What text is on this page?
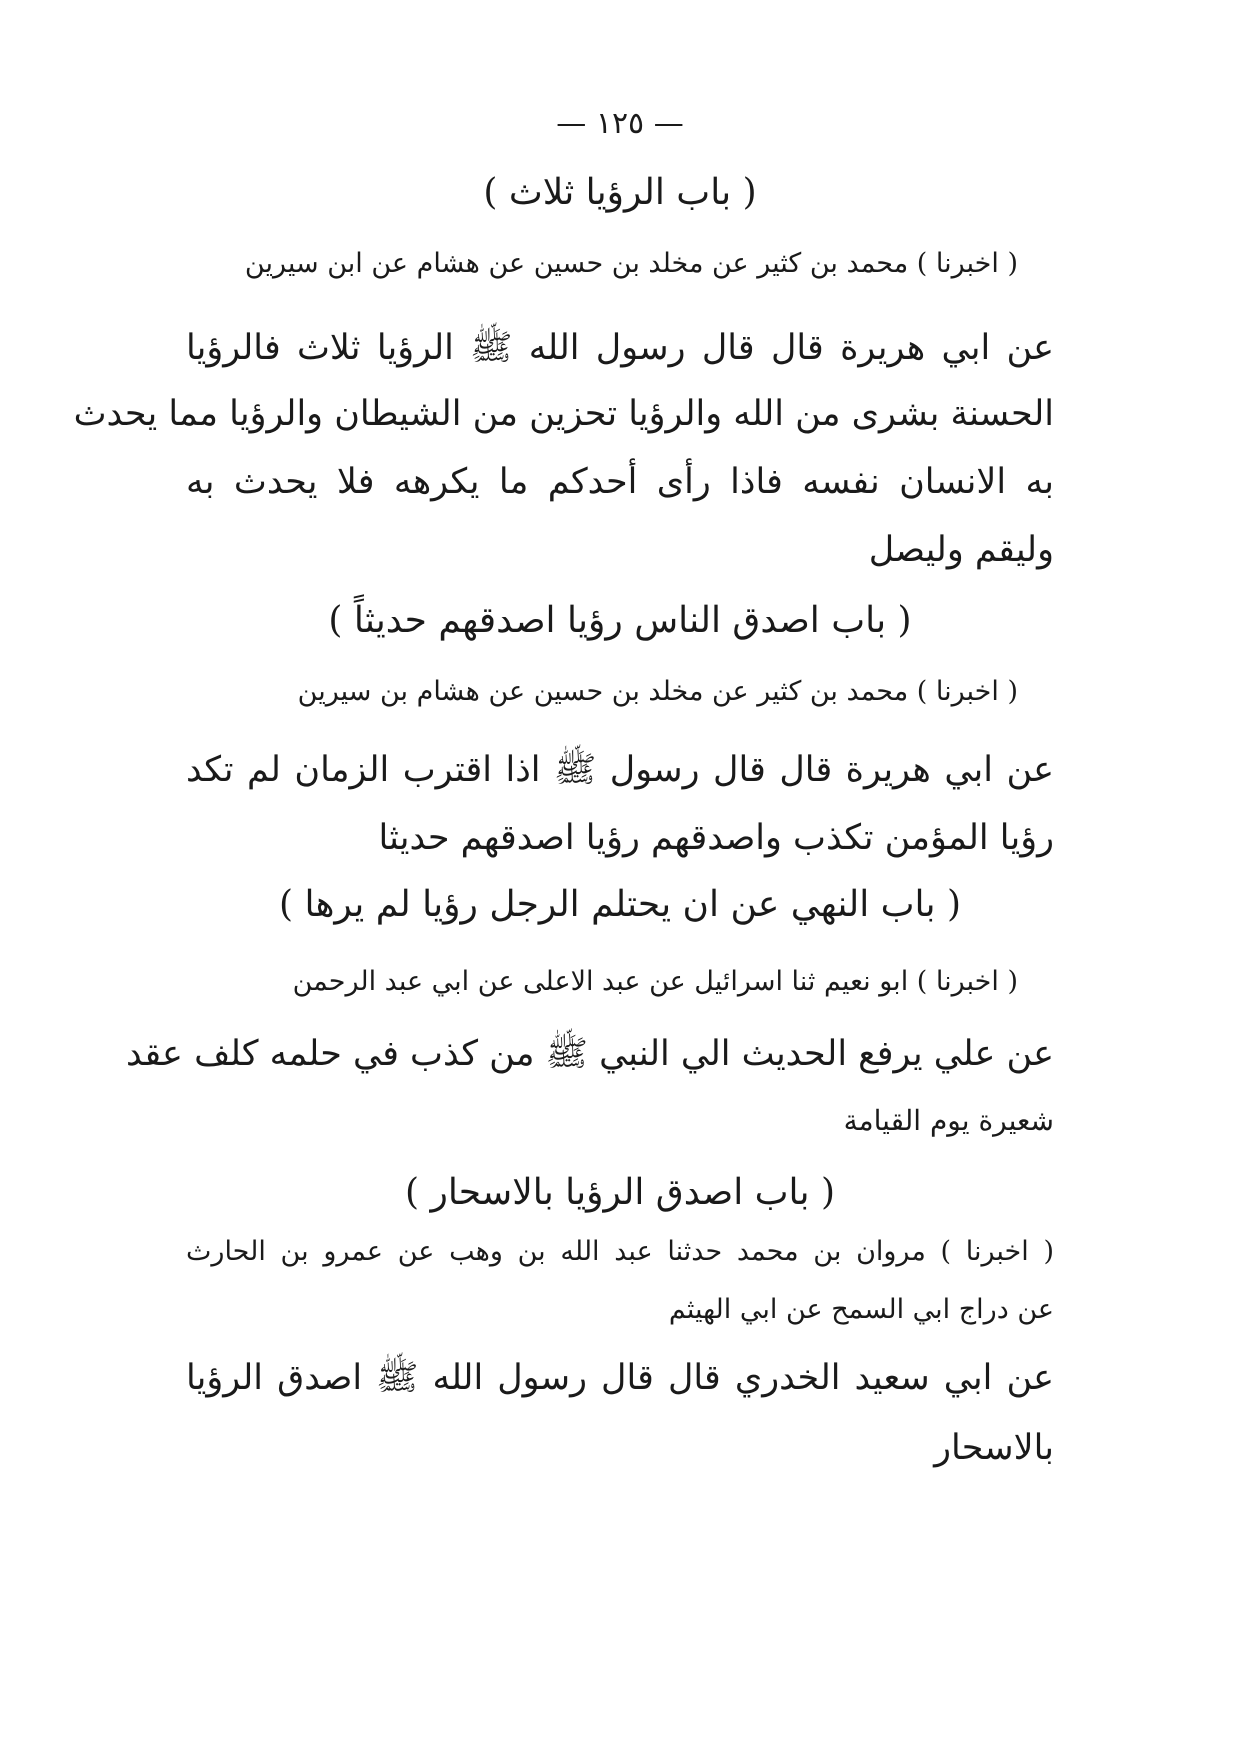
— ١٢٥ —
( باب الرؤيا ثلاث )
( اخبرنا ) محمد بن كثير عن مخلد بن حسين عن هشام عن ابن سيرين
عن ابي هريرة قال قال رسول الله ﷺ الرؤيا ثلاث فالرؤيا
الحسنة بشرى من الله والرؤيا تحزين من الشيطان والرؤيا مما يحدث
به الانسان نفسه فاذا رأى أحدكم ما يكرهه فلا يحدث به
وليقم وليصل
( باب اصدق الناس رؤيا اصدقهم حديثاً )
( اخبرنا ) محمد بن كثير عن مخلد بن حسين عن هشام بن سيرين
عن ابي هريرة قال قال رسول ﷺ اذا اقترب الزمان لم تكد
رؤيا المؤمن تكذب واصدقهم رؤيا اصدقهم حديثا
( باب النهي عن ان يحتلم الرجل رؤيا لم يرها )
( اخبرنا ) ابو نعيم ثنا اسرائيل عن عبد الاعلى عن ابي عبد الرحمن
عن علي يرفع الحديث الي النبي ﷺ من كذب في حلمه كلف عقد
شعيرة يوم القيامة
( باب اصدق الرؤيا بالاسحار )
( اخبرنا ) مروان بن محمد حدثنا عبد الله بن وهب عن عمرو بن الحارث
عن دراج ابي السمح عن ابي الهيثم
عن ابي سعيد الخدري قال قال رسول الله ﷺ اصدق الرؤيا
بالاسحار
